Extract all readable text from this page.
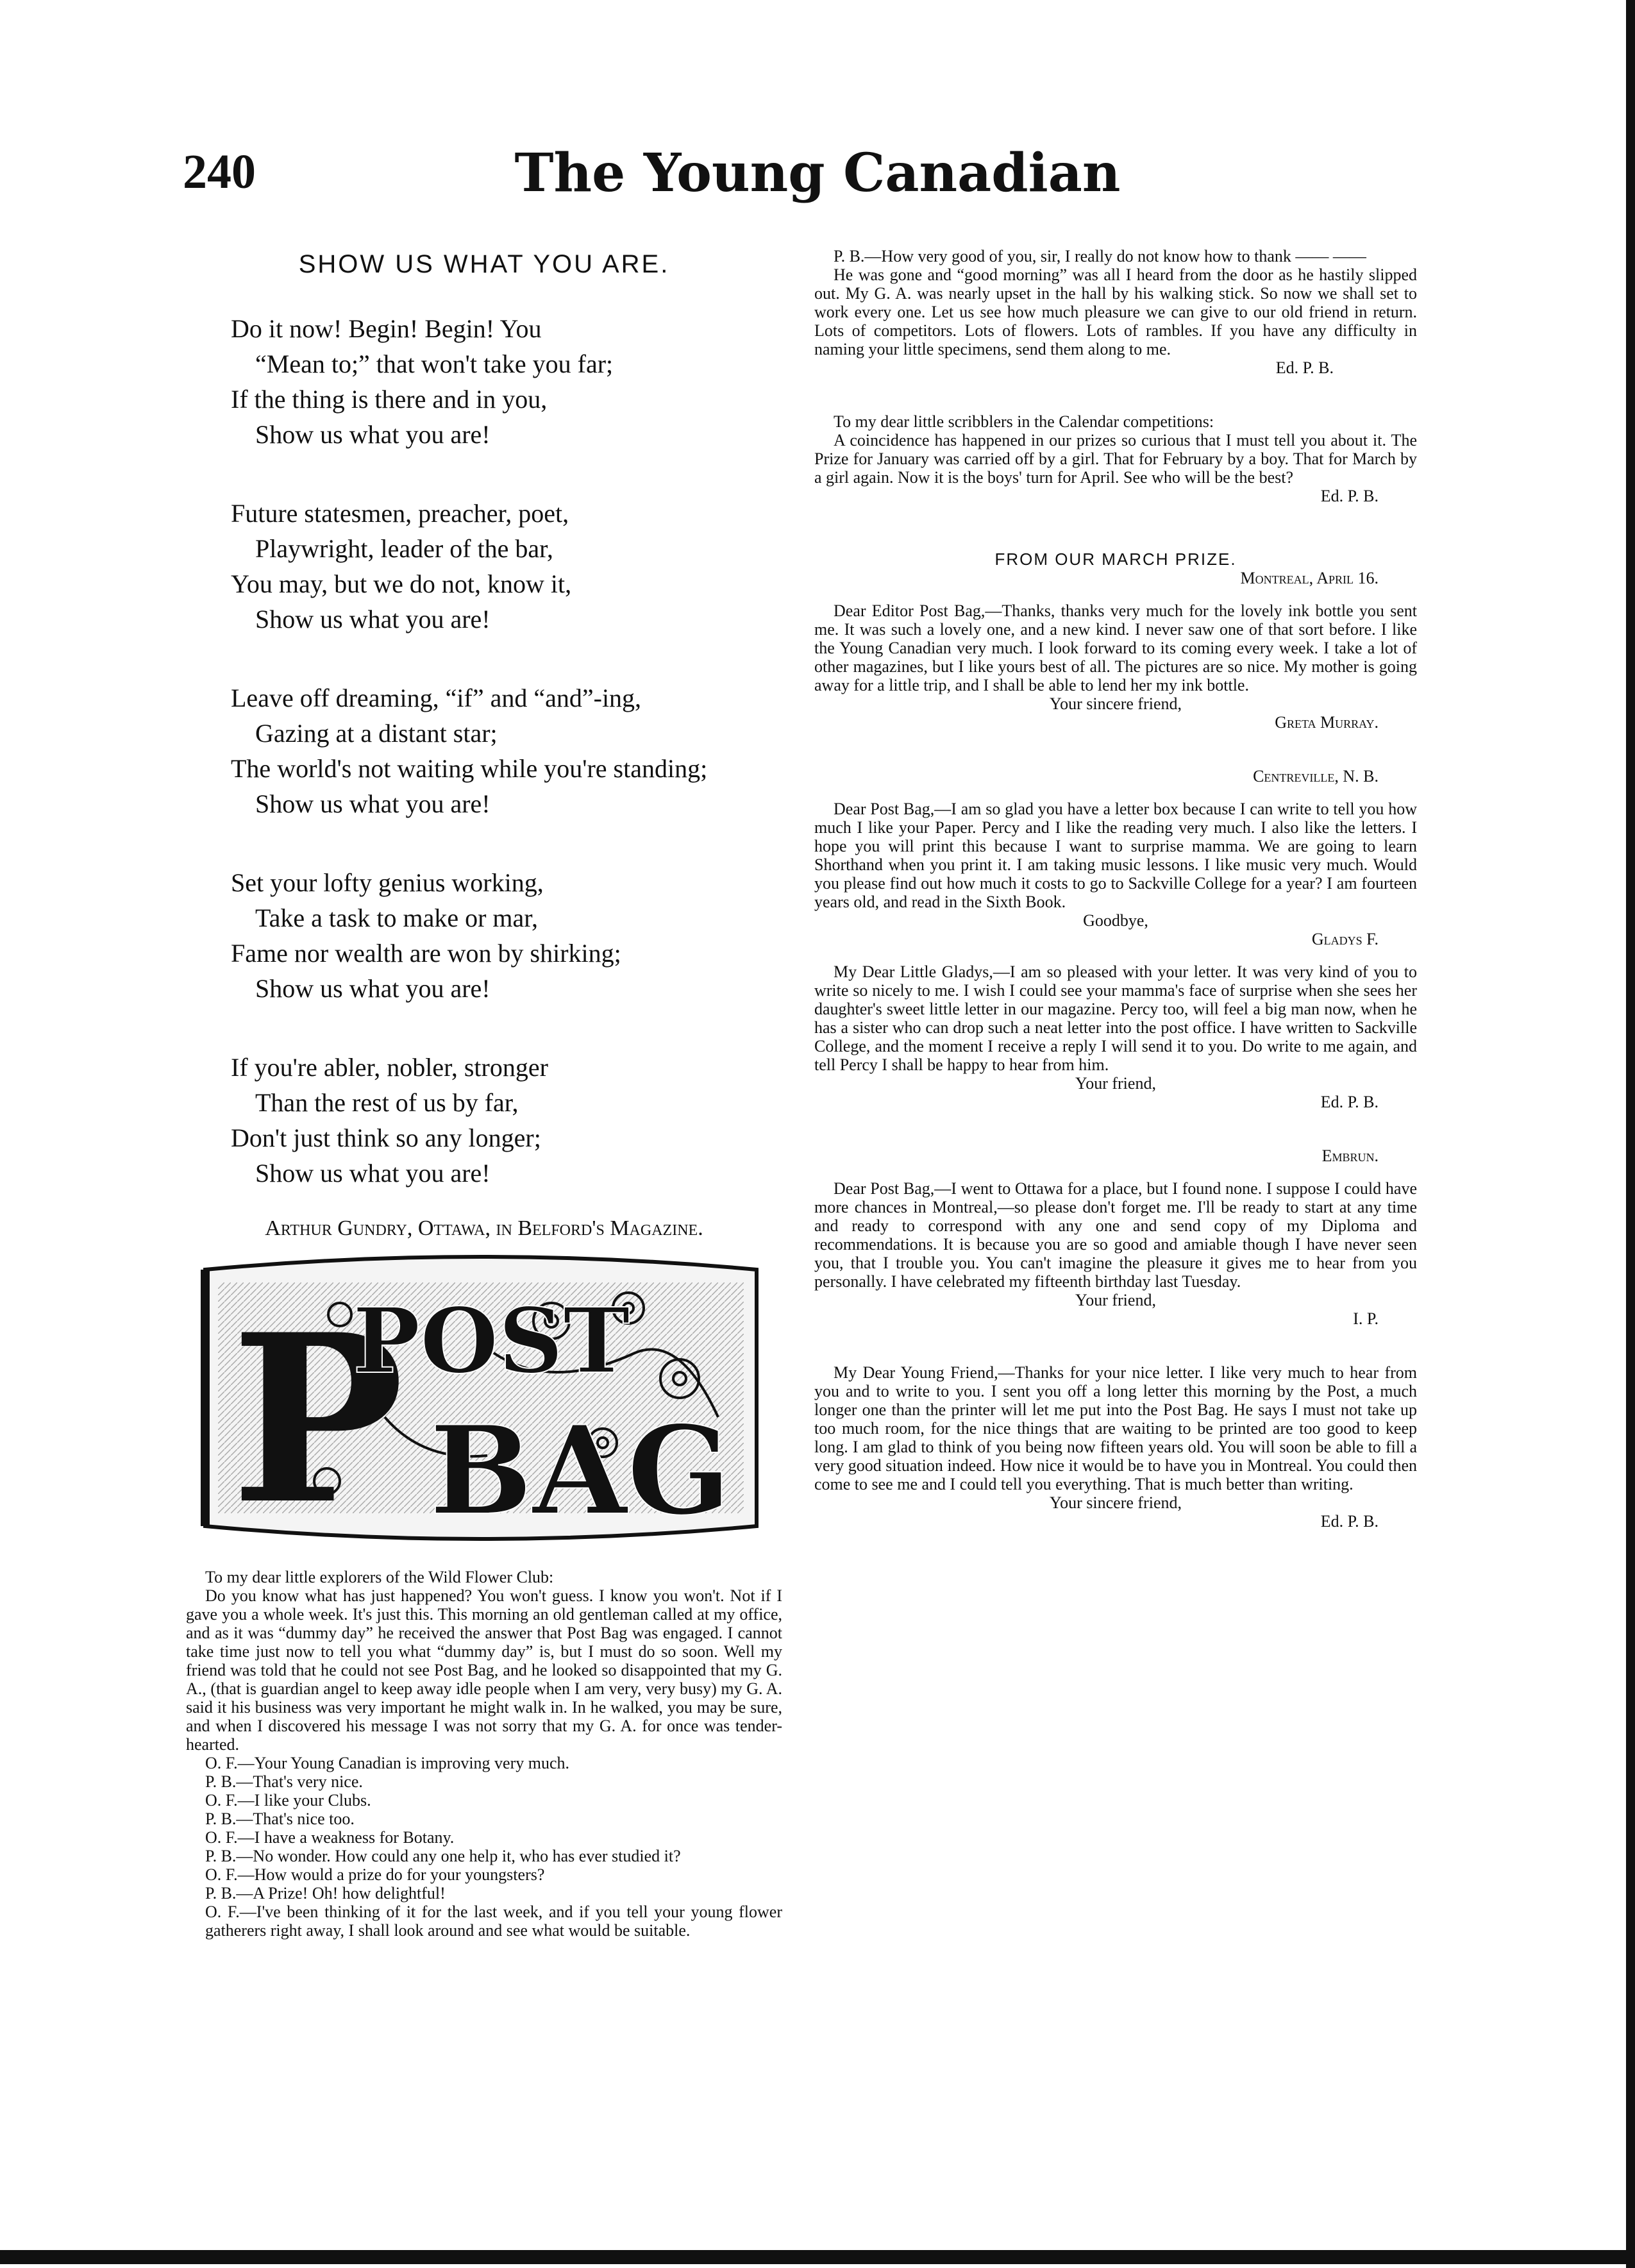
240	The Young Canadian
SHOW US WHAT YOU ARE.
Do it now! Begin! Begin! You
“Mean to;” that won't take you far;
If the thing is there and in you,
Show us what you are!
Future statesmen, preacher, poet,
Playwright, leader of the bar,
You may, but we do not, know it,
Show us what you are!
Leave off dreaming, “if” and “and”-ing,
Gazing at a distant star;
The world's not waiting while you're standing;
Show us what you are!
Set your lofty genius working,
Take a task to make or mar,
Fame nor wealth are won by shirking;
Show us what you are!
If you're abler, nobler, stronger
Than the rest of us by far,
Don't just think so any longer;
Show us what you are!
Arthur Gundry, Ottawa, in Belford's Magazine.
P
POST
BAG

To my dear little explorers of the Wild Flower Club:

Do you know what has just happened? You won't guess. I know you won't. Not if I gave you a whole week. It's just this. This morning an old gentleman called at my office, and as it was “dummy day” he received the answer that Post Bag was engaged. I cannot take time just now to tell you what “dummy day” is, but I must do so soon. Well my friend was told that he could not see Post Bag, and he looked so disappointed that my G. A., (that is guardian angel to keep away idle people when I am very, very busy) my G. A. said it his business was very important he might walk in. In he walked, you may be sure, and when I discovered his message I was not sorry that my G. A. for once was tender-hearted.

O. F.—Your Young Canadian is improving very much.

P. B.—That's very nice.

O. F.—I like your Clubs.

P. B.—That's nice too.

O. F.—I have a weakness for Botany.

P. B.—No wonder. How could any one help it, who has ever studied it?

O. F.—How would a prize do for your youngsters?

P. B.—A Prize! Oh! how delightful!

O. F.—I've been thinking of it for the last week, and if you tell your young flower gatherers right away, I shall look around and see what would be suitable.

P. B.—How very good of you, sir, I really do not know how to thank —— ——

He was gone and “good morning” was all I heard from the door as he hastily slipped out. My G. A. was nearly upset in the hall by his walking stick. So now we shall set to work every one. Let us see how much pleasure we can give to our old friend in return. Lots of competitors. Lots of flowers. Lots of rambles. If you have any difficulty in naming your little specimens, send them along to me.

Ed. P. B.

To my dear little scribblers in the Calendar competitions:

A coincidence has happened in our prizes so curious that I must tell you about it. The Prize for January was carried off by a girl. That for February by a boy. That for March by a girl again. Now it is the boys' turn for April. See who will be the best?

Ed. P. B.

FROM OUR MARCH PRIZE.

Montreal, April 16.

Dear Editor Post Bag,—Thanks, thanks very much for the lovely ink bottle you sent me. It was such a lovely one, and a new kind. I never saw one of that sort before. I like the Young Canadian very much. I look forward to its coming every week. I take a lot of other magazines, but I like yours best of all. The pictures are so nice. My mother is going away for a little trip, and I shall be able to lend her my ink bottle.

Your sincere friend,

Greta Murray.

Centreville, N. B.

Dear Post Bag,—I am so glad you have a letter box because I can write to tell you how much I like your Paper. Percy and I like the reading very much. I also like the letters. I hope you will print this because I want to surprise mamma. We are going to learn Shorthand when you print it. I am taking music lessons. I like music very much. Would you please find out how much it costs to go to Sackville College for a year? I am fourteen years old, and read in the Sixth Book.

Goodbye,

Gladys F.

My Dear Little Gladys,—I am so pleased with your letter. It was very kind of you to write so nicely to me. I wish I could see your mamma's face of surprise when she sees her daughter's sweet little letter in our magazine. Percy too, will feel a big man now, when he has a sister who can drop such a neat letter into the post office. I have written to Sackville College, and the moment I receive a reply I will send it to you. Do write to me again, and tell Percy I shall be happy to hear from him.

Your friend,

Ed. P. B.

Embrun.

Dear Post Bag,—I went to Ottawa for a place, but I found none. I suppose I could have more chances in Montreal,—so please don't forget me. I'll be ready to start at any time and ready to correspond with any one and send copy of my Diploma and recommendations. It is because you are so good and amiable though I have never seen you, that I trouble you. You can't imagine the pleasure it gives me to hear from you personally. I have celebrated my fifteenth birthday last Tuesday.

Your friend,

I. P.

My Dear Young Friend,—Thanks for your nice letter. I like very much to hear from you and to write to you. I sent you off a long letter this morning by the Post, a much longer one than the printer will let me put into the Post Bag. He says I must not take up too much room, for the nice things that are waiting to be printed are too good to keep long. I am glad to think of you being now fifteen years old. You will soon be able to fill a very good situation indeed. How nice it would be to have you in Montreal. You could then come to see me and I could tell you everything. That is much better than writing.

Your sincere friend,

Ed. P. B.
